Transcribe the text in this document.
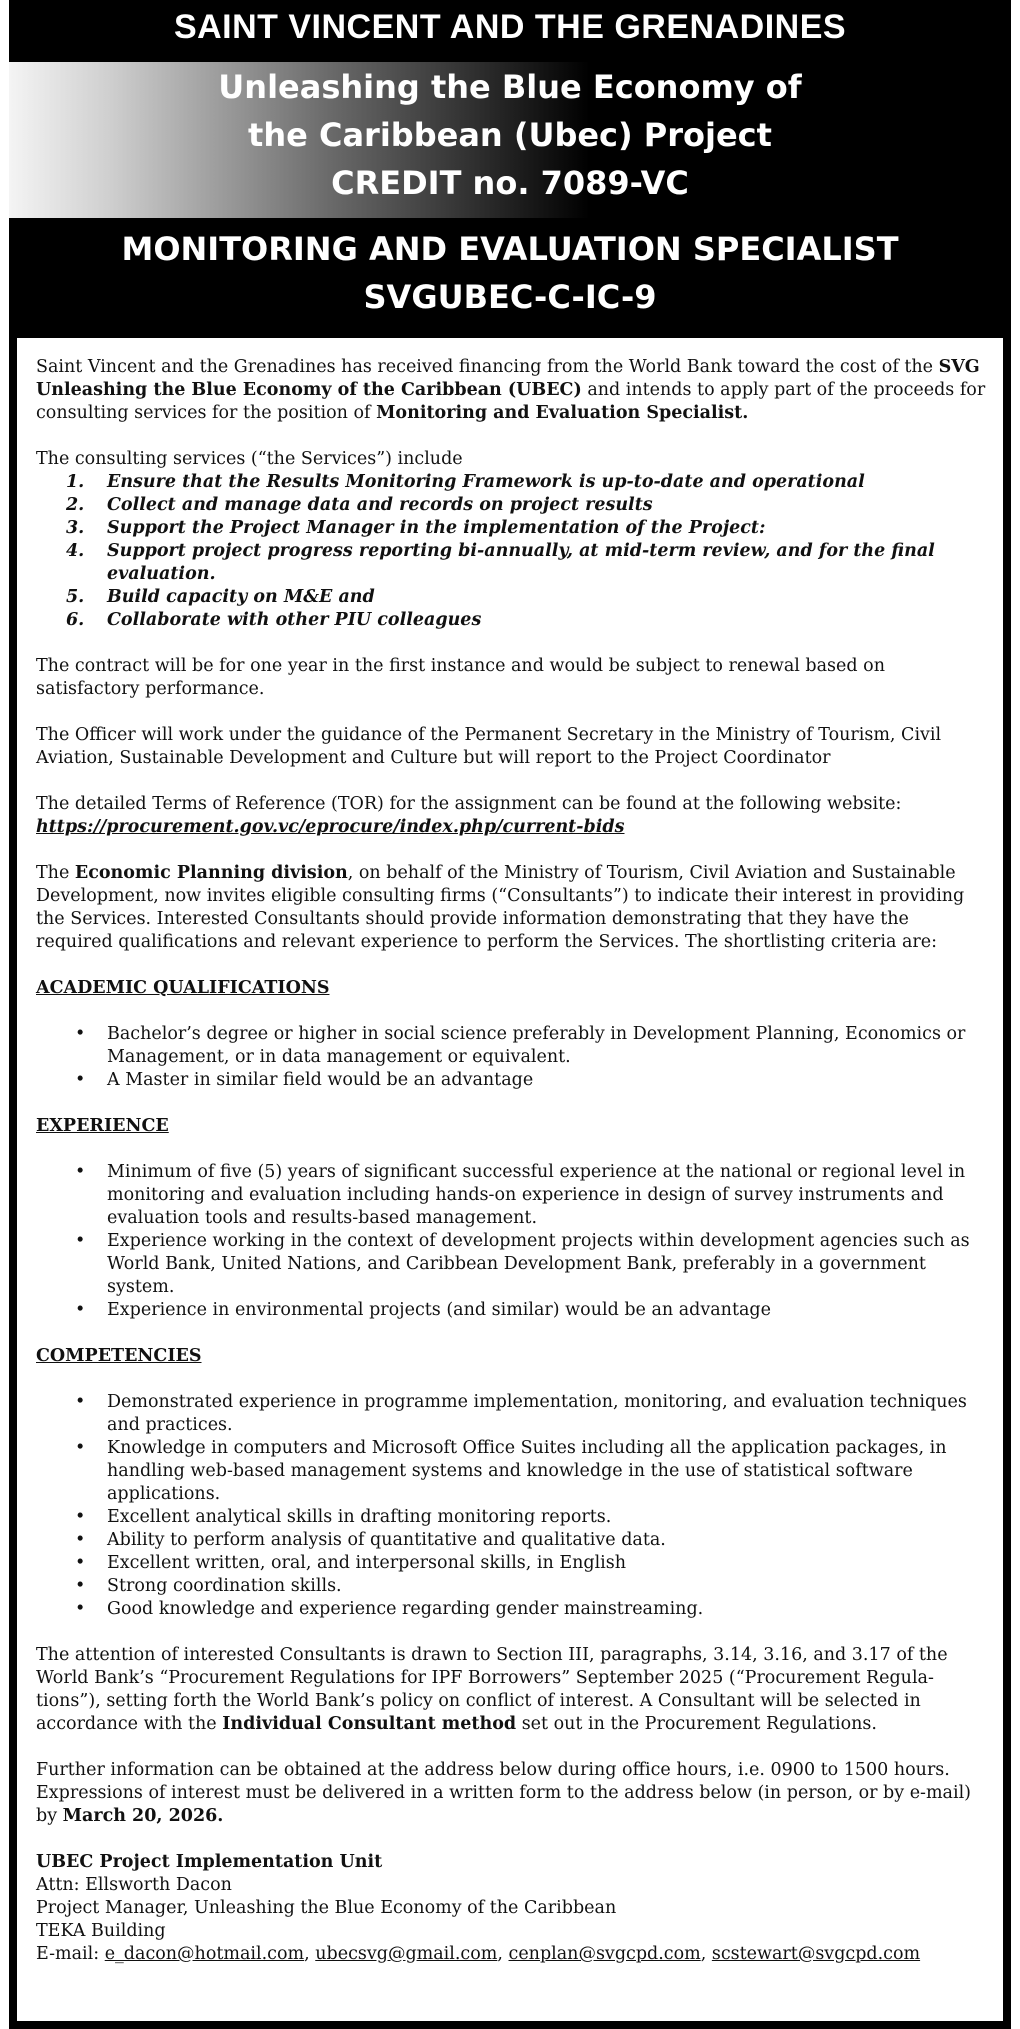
SAINT VINCENT AND THE GRENADINES
Unleashing the Blue Economy of
the Caribbean (Ubec) Project
CREDIT no. 7089-VC
MONITORING AND EVALUATION SPECIALIST
SVGUBEC-C-IC-9

Saint Vincent and the Grenadines has received financing from the World Bank toward the cost of the SVG Unleashing the Blue Economy of the Caribbean (UBEC) and intends to apply part of the proceeds for consulting services for the position of Monitoring and Evaluation Specialist.

The consulting services (“the Services”) include

1. Ensure that the Results Monitoring Framework is up-to-date and operational
2. Collect and manage data and records on project results
3. Support the Project Manager in the implementation of the Project:
4. Support project progress reporting bi-annually, at mid-term review, and for the final evaluation.
5. Build capacity on M&E and
6. Collaborate with other PIU colleagues

The contract will be for one year in the first instance and would be subject to renewal based on satisfactory performance.

The Officer will work under the guidance of the Permanent Secretary in the Ministry of Tourism, Civil Aviation, Sustainable Development and Culture but will report to the Project Coordinator

The detailed Terms of Reference (TOR) for the assignment can be found at the following website:

https://procurement.gov.vc/eprocure/index.php/current-bids

The Economic Planning division, on behalf of the Ministry of Tourism, Civil Aviation and Sustainable Development, now invites eligible consulting firms (“Consultants”) to indicate their interest in providing the Services. Interested Consultants should provide information demonstrating that they have the required qualifications and relevant experience to perform the Services. The shortlisting criteria are:

ACADEMIC QUALIFICATIONS

• Bachelor’s degree or higher in social science preferably in Development Planning, Economics or Management, or in data management or equivalent.
• A Master in similar field would be an advantage

EXPERIENCE

• Minimum of five (5) years of significant successful experience at the national or regional level in monitoring and evaluation including hands-on experience in design of survey instruments and evaluation tools and results-based management.
• Experience working in the context of development projects within development agencies such as World Bank, United Nations, and Caribbean Development Bank, preferably in a government system.
• Experience in environmental projects (and similar) would be an advantage

COMPETENCIES

• Demonstrated experience in programme implementation, monitoring, and evaluation techniques and practices.
• Knowledge in computers and Microsoft Office Suites including all the application packages, in handling web-based management systems and knowledge in the use of statistical software applications.
• Excellent analytical skills in drafting monitoring reports.
• Ability to perform analysis of quantitative and qualitative data.
• Excellent written, oral, and interpersonal skills, in English
• Strong coordination skills.
• Good knowledge and experience regarding gender mainstreaming.

The attention of interested Consultants is drawn to Section III, paragraphs, 3.14, 3.16, and 3.17 of the World Bank’s “Procurement Regulations for IPF Borrowers” September 2025 (“Procurement Regula-tions”), setting forth the World Bank’s policy on conflict of interest. A Consultant will be selected in accordance with the Individual Consultant method set out in the Procurement Regulations.

Further information can be obtained at the address below during office hours, i.e. 0900 to 1500 hours. Expressions of interest must be delivered in a written form to the address below (in person, or by e-mail) by March 20, 2026.

UBEC Project Implementation Unit

Attn: Ellsworth Dacon

Project Manager, Unleashing the Blue Economy of the Caribbean

TEKA Building

E-mail: e_dacon@hotmail.com, ubecsvg@gmail.com, cenplan@svgcpd.com, scstewart@svgcpd.com
